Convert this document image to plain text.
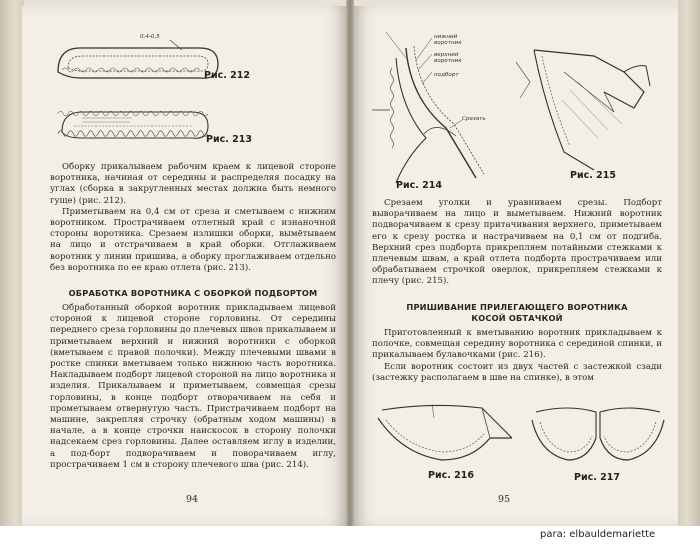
0,4-0,5
Рис. 212
Рис. 213

Оборку прикалываем рабочим краем к лицевой стороне воротника, начиная от середины и распределяя посадку на углах (сборка в закругленных местах должна быть немного гуще) (рис. 212).

Приметываем на 0,4 см от среза и сметываем с нижним воротником. Прострачиваем отлетный край с изнаночной стороны воротника. Срезаем излишки оборки, вымётываем на лицо и отстрачиваем в край оборки. Отглаживаем воротник у линии пришива, а оборку проглаживаем отдельно без воротника по ее краю отлета (рис. 213).

ОБРАБОТКА ВОРОТНИКА С ОБОРКОЙ ПОДБОРТОМ

Обработанный оборкой воротник прикладываем лицевой стороной к лицевой стороне горловины. От середины переднего среза горловины до плечевых швов прикалываем и приметываем верхний и нижний воротники с оборкой (вметываем с правой полочки). Между плечевыми швами в ростке спинки вметываем только нижнюю часть воротника. Накладываем подборт лицевой стороной на лицо воротника и изделия. Прикалываем и приметываем, совмещая срезы горловины, в конце подборт отворачиваем на себя и прометываем отвернутую часть. Пристрачиваем подборт на машине, закрепляя строчку (обратным ходом машины) в начале, а в конце строчки наискосок в сторону полочки надсекаем срез горловины. Далее оставляем иглу в изделии, а под-борт подворачиваем и поворачиваем иглу, прострачиваем 1 см в сторону плечевого шва (рис. 214).

94
нижний воротник
верхний воротник
подборт
Срезать
Рис. 214
Рис. 215

Срезаем уголки и уравниваем срезы. Подборт вывоpачиваем на лицо и выметываем. Нижний воротник подворачиваем к срезу притачивания верхнего, приметываем его к срезу ростка и настрачиваем на 0,1 см от подгиба. Верхний срез подборта прикрепляем потайными стежками к плечевым швам, а край отлета подборта прострачиваем или обрабатываем строчкой оверлок, прикрепляем стежками к плечу (рис. 215).

ПРИШИВАНИЕ ПРИЛЕГАЮЩЕГО ВОРОТНИКА
КОСОЙ ОБТАЧКОЙ

Приготовленный к вметыванию воротник прикладываем к полочке, совмещая середину воротника с серединой спинки, и прикалываем булавочками (рис. 216).

Если воротник состоит из двух частей с застежкой сзади (застежку располагаем в шве на спинке), в этом

Рис. 216	Рис. 217
95
para: elbauldemariette
